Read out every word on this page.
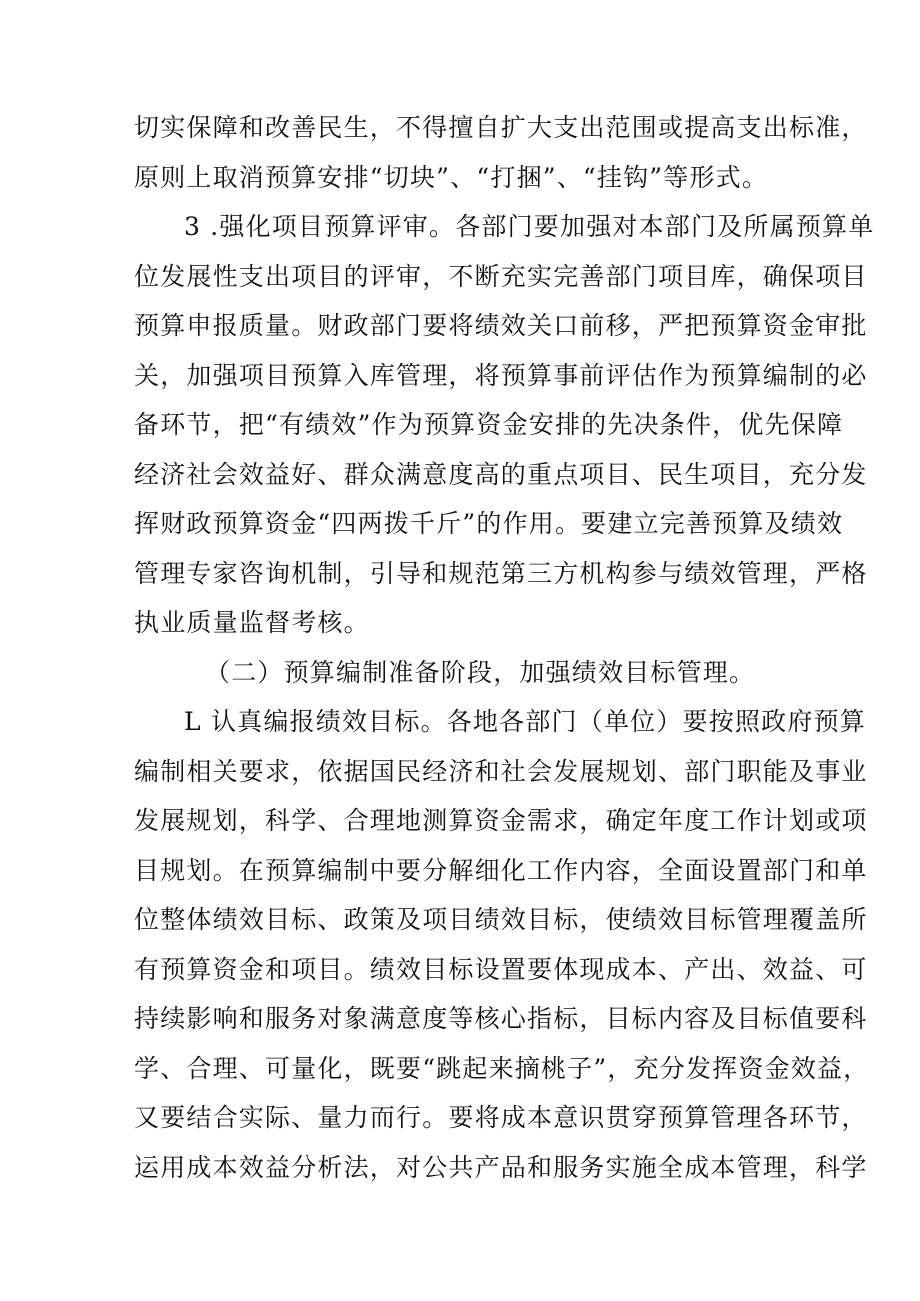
切实保障和改善民生，不得擅自扩大支出范围或提高支出标准，
原则上取消预算安排“切块”、“打捆”、“挂钩”等形式。
3 .强化项目预算评审。各部门要加强对本部门及所属预算单
位发展性支出项目的评审，不断充实完善部门项目库，确保项目
预算申报质量。财政部门要将绩效关口前移，严把预算资金审批
关，加强项目预算入库管理，将预算事前评估作为预算编制的必
备环节，把“有绩效”作为预算资金安排的先决条件，优先保障
经济社会效益好、群众满意度高的重点项目、民生项目，充分发
挥财政预算资金“四两拨千斤”的作用。要建立完善预算及绩效
管理专家咨询机制，引导和规范第三方机构参与绩效管理，严格
执业质量监督考核。
（二）预算编制准备阶段，加强绩效目标管理。
L 认真编报绩效目标。各地各部门（单位）要按照政府预算
编制相关要求，依据国民经济和社会发展规划、部门职能及事业
发展规划，科学、合理地测算资金需求，确定年度工作计划或项
目规划。在预算编制中要分解细化工作内容，全面设置部门和单
位整体绩效目标、政策及项目绩效目标，使绩效目标管理覆盖所
有预算资金和项目。绩效目标设置要体现成本、产出、效益、可
持续影响和服务对象满意度等核心指标，目标内容及目标值要科
学、合理、可量化，既要“跳起来摘桃子”，充分发挥资金效益，
又要结合实际、量力而行。要将成本意识贯穿预算管理各环节，
运用成本效益分析法，对公共产品和服务实施全成本管理，科学
